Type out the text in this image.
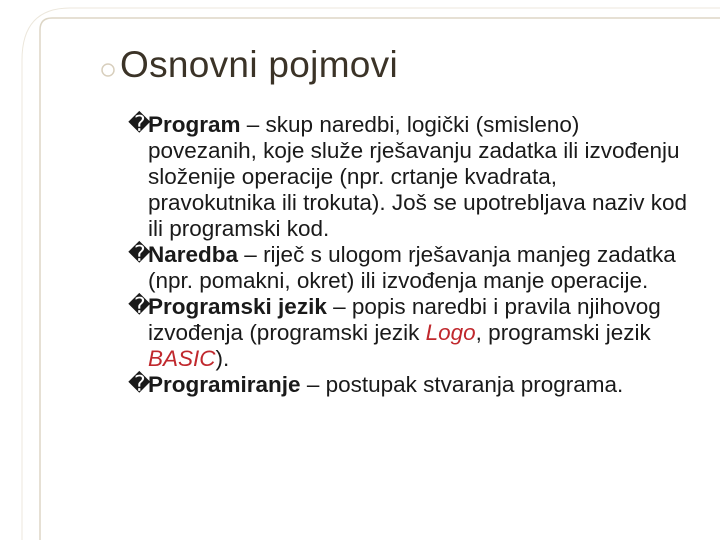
Osnovni pojmovi

�
Program – skup naredbi, logički (smisleno) povezanih, koje služe rješavanju zadatka ili izvođenju složenije operacije (npr. crtanje kvadrata, pravokutnika ili trokuta). Još se upotrebljava naziv kod ili programski kod.

�
Naredba – riječ s ulogom rješavanja manjeg zadatka (npr. pomakni, okret) ili izvođenja manje operacije.

�
Programski jezik – popis naredbi i pravila njihovog izvođenja (programski jezik Logo, programski jezik BASIC).

�
Programiranje – postupak stvaranja programa.
